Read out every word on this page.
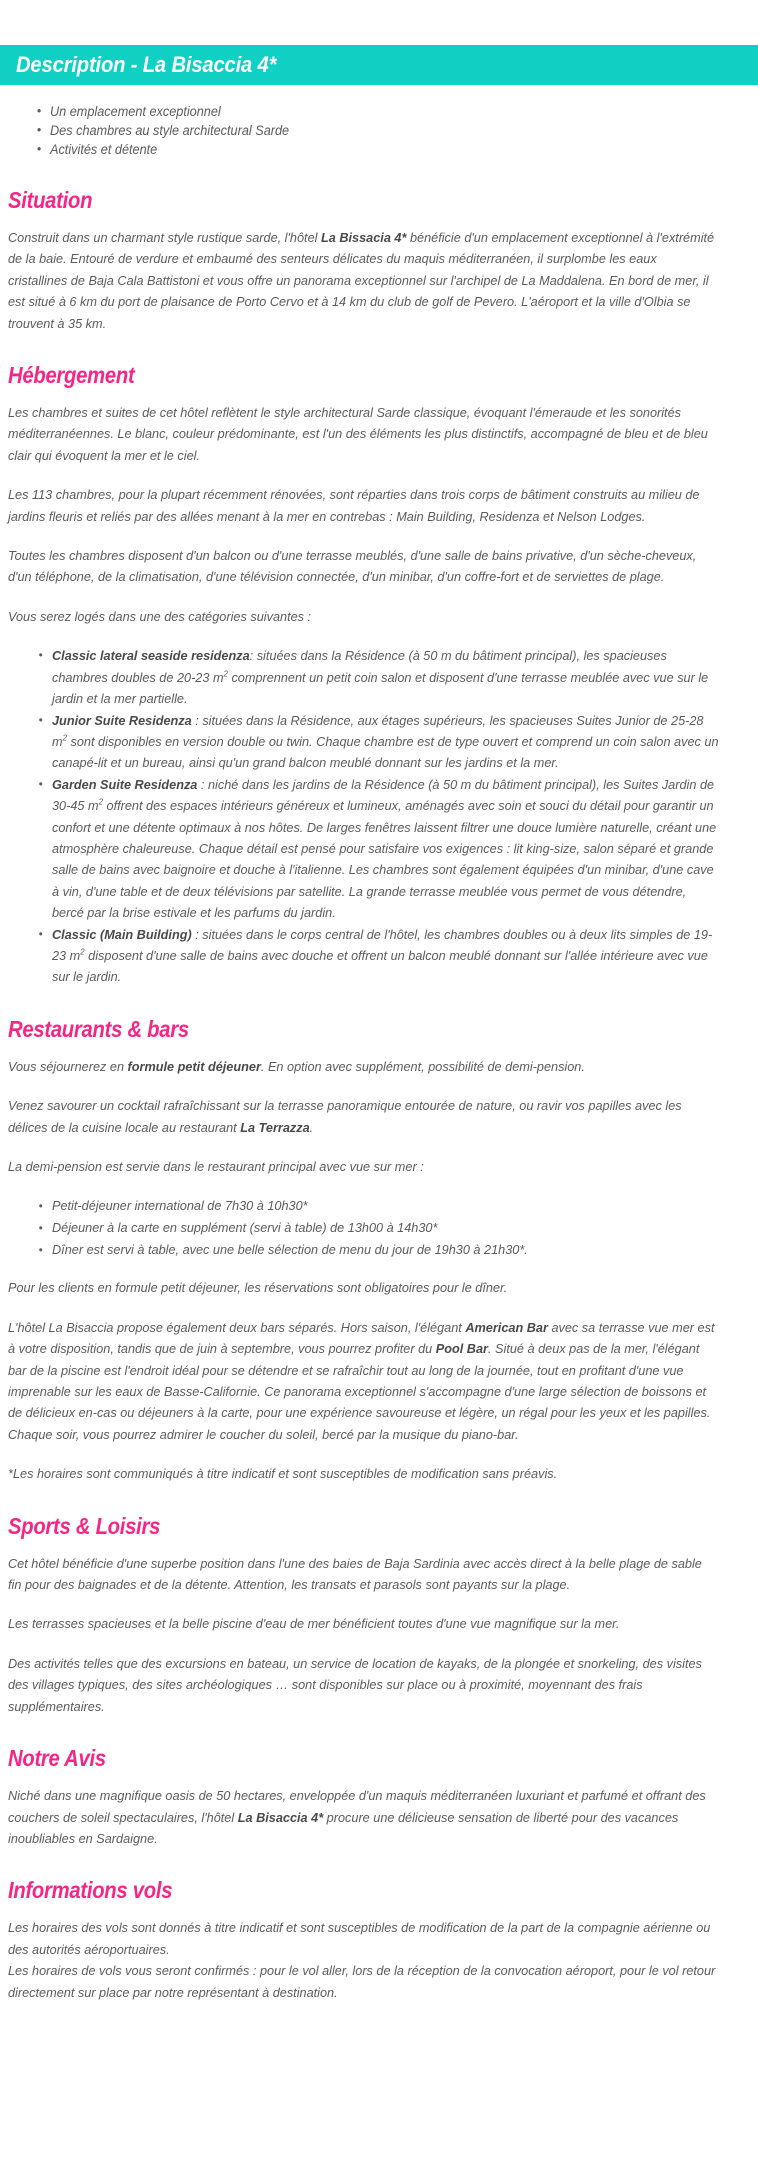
Description - La Bisaccia 4*
• Un emplacement exceptionnel
• Des chambres au style architectural Sarde
• Activités et détente
Situation

Construit dans un charmant style rustique sarde, l'hôtel La Bissacia 4* bénéficie d'un emplacement exceptionnel à l'extrémité de la baie. Entouré de verdure et embaumé des senteurs délicates du maquis méditerranéen, il surplombe les eaux cristallines de Baja Cala Battistoni et vous offre un panorama exceptionnel sur l'archipel de La Maddalena. En bord de mer, il est situé à 6 km du port de plaisance de Porto Cervo et à 14 km du club de golf de Pevero. L'aéroport et la ville d'Olbia se trouvent à 35 km.

Hébergement

Les chambres et suites de cet hôtel reflètent le style architectural Sarde classique, évoquant l'émeraude et les sonorités méditerranéennes. Le blanc, couleur prédominante, est l'un des éléments les plus distinctifs, accompagné de bleu et de bleu clair qui évoquent la mer et le ciel.

Les 113 chambres, pour la plupart récemment rénovées, sont réparties dans trois corps de bâtiment construits au milieu de jardins fleuris et reliés par des allées menant à la mer en contrebas : Main Building, Residenza et Nelson Lodges.

Toutes les chambres disposent d'un balcon ou d'une terrasse meublés, d'une salle de bains privative, d'un sèche-cheveux, d'un téléphone, de la climatisation, d'une télévision connectée, d'un minibar, d'un coffre-fort et de serviettes de plage.

Vous serez logés dans une des catégories suivantes :

• Classic lateral seaside residenza: situées dans la Résidence (à 50 m du bâtiment principal), les spacieuses chambres doubles de 20-23 $m^2$ comprennent un petit coin salon et disposent d'une terrasse meublée avec vue sur le jardin et la mer partielle.
• Junior Suite Residenza : situées dans la Résidence, aux étages supérieurs, les spacieuses Suites Junior de 25-28 $m^2$ sont disponibles en version double ou twin. Chaque chambre est de type ouvert et comprend un coin salon avec un canapé-lit et un bureau, ainsi qu'un grand balcon meublé donnant sur les jardins et la mer.
• Garden Suite Residenza : niché dans les jardins de la Résidence (à 50 m du bâtiment principal), les Suites Jardin de 30-45 $m^2$ offrent des espaces intérieurs généreux et lumineux, aménagés avec soin et souci du détail pour garantir un confort et une détente optimaux à nos hôtes. De larges fenêtres laissent filtrer une douce lumière naturelle, créant une atmosphère chaleureuse. Chaque détail est pensé pour satisfaire vos exigences : lit king-size, salon séparé et grande salle de bains avec baignoire et douche à l'italienne. Les chambres sont également équipées d'un minibar, d'une cave à vin, d'une table et de deux télévisions par satellite. La grande terrasse meublée vous permet de vous détendre, bercé par la brise estivale et les parfums du jardin.
• Classic (Main Building) : situées dans le corps central de l'hôtel, les chambres doubles ou à deux lits simples de 19-23 $m^2$ disposent d'une salle de bains avec douche et offrent un balcon meublé donnant sur l'allée intérieure avec vue sur le jardin.
Restaurants & bars

Vous séjournerez en formule petit déjeuner. En option avec supplément, possibilité de demi-pension.

Venez savourer un cocktail rafraîchissant sur la terrasse panoramique entourée de nature, ou ravir vos papilles avec les délices de la cuisine locale au restaurant La Terrazza.

La demi-pension est servie dans le restaurant principal avec vue sur mer :

• Petit-déjeuner international de 7h30 à 10h30*
• Déjeuner à la carte en supplément (servi à table) de 13h00 à 14h30*
• Dîner est servi à table, avec une belle sélection de menu du jour de 19h30 à 21h30*.

Pour les clients en formule petit déjeuner, les réservations sont obligatoires pour le dîner.

L'hôtel La Bisaccia propose également deux bars séparés. Hors saison, l'élégant American Bar avec sa terrasse vue mer est à votre disposition, tandis que de juin à septembre, vous pourrez profiter du Pool Bar. Situé à deux pas de la mer, l'élégant bar de la piscine est l'endroit idéal pour se détendre et se rafraîchir tout au long de la journée, tout en profitant d'une vue imprenable sur les eaux de Basse-Californie. Ce panorama exceptionnel s'accompagne d'une large sélection de boissons et de délicieux en-cas ou déjeuners à la carte, pour une expérience savoureuse et légère, un régal pour les yeux et les papilles. Chaque soir, vous pourrez admirer le coucher du soleil, bercé par la musique du piano-bar.

*Les horaires sont communiqués à titre indicatif et sont susceptibles de modification sans préavis.

Sports & Loisirs

Cet hôtel bénéficie d'une superbe position dans l'une des baies de Baja Sardinia avec accès direct à la belle plage de sable fin pour des baignades et de la détente. Attention, les transats et parasols sont payants sur la plage.

Les terrasses spacieuses et la belle piscine d'eau de mer bénéficient toutes d'une vue magnifique sur la mer.

Des activités telles que des excursions en bateau, un service de location de kayaks, de la plongée et snorkeling, des visites des villages typiques, des sites archéologiques … sont disponibles sur place ou à proximité, moyennant des frais supplémentaires.

Notre Avis

Niché dans une magnifique oasis de 50 hectares, enveloppée d'un maquis méditerranéen luxuriant et parfumé et offrant des couchers de soleil spectaculaires, l'hôtel La Bisaccia 4* procure une délicieuse sensation de liberté pour des vacances inoubliables en Sardaigne.

Informations vols

Les horaires des vols sont donnés à titre indicatif et sont susceptibles de modification de la part de la compagnie aérienne ou des autorités aéroportuaires.

Les horaires de vols vous seront confirmés : pour le vol aller, lors de la réception de la convocation aéroport, pour le vol retour directement sur place par notre représentant à destination.
